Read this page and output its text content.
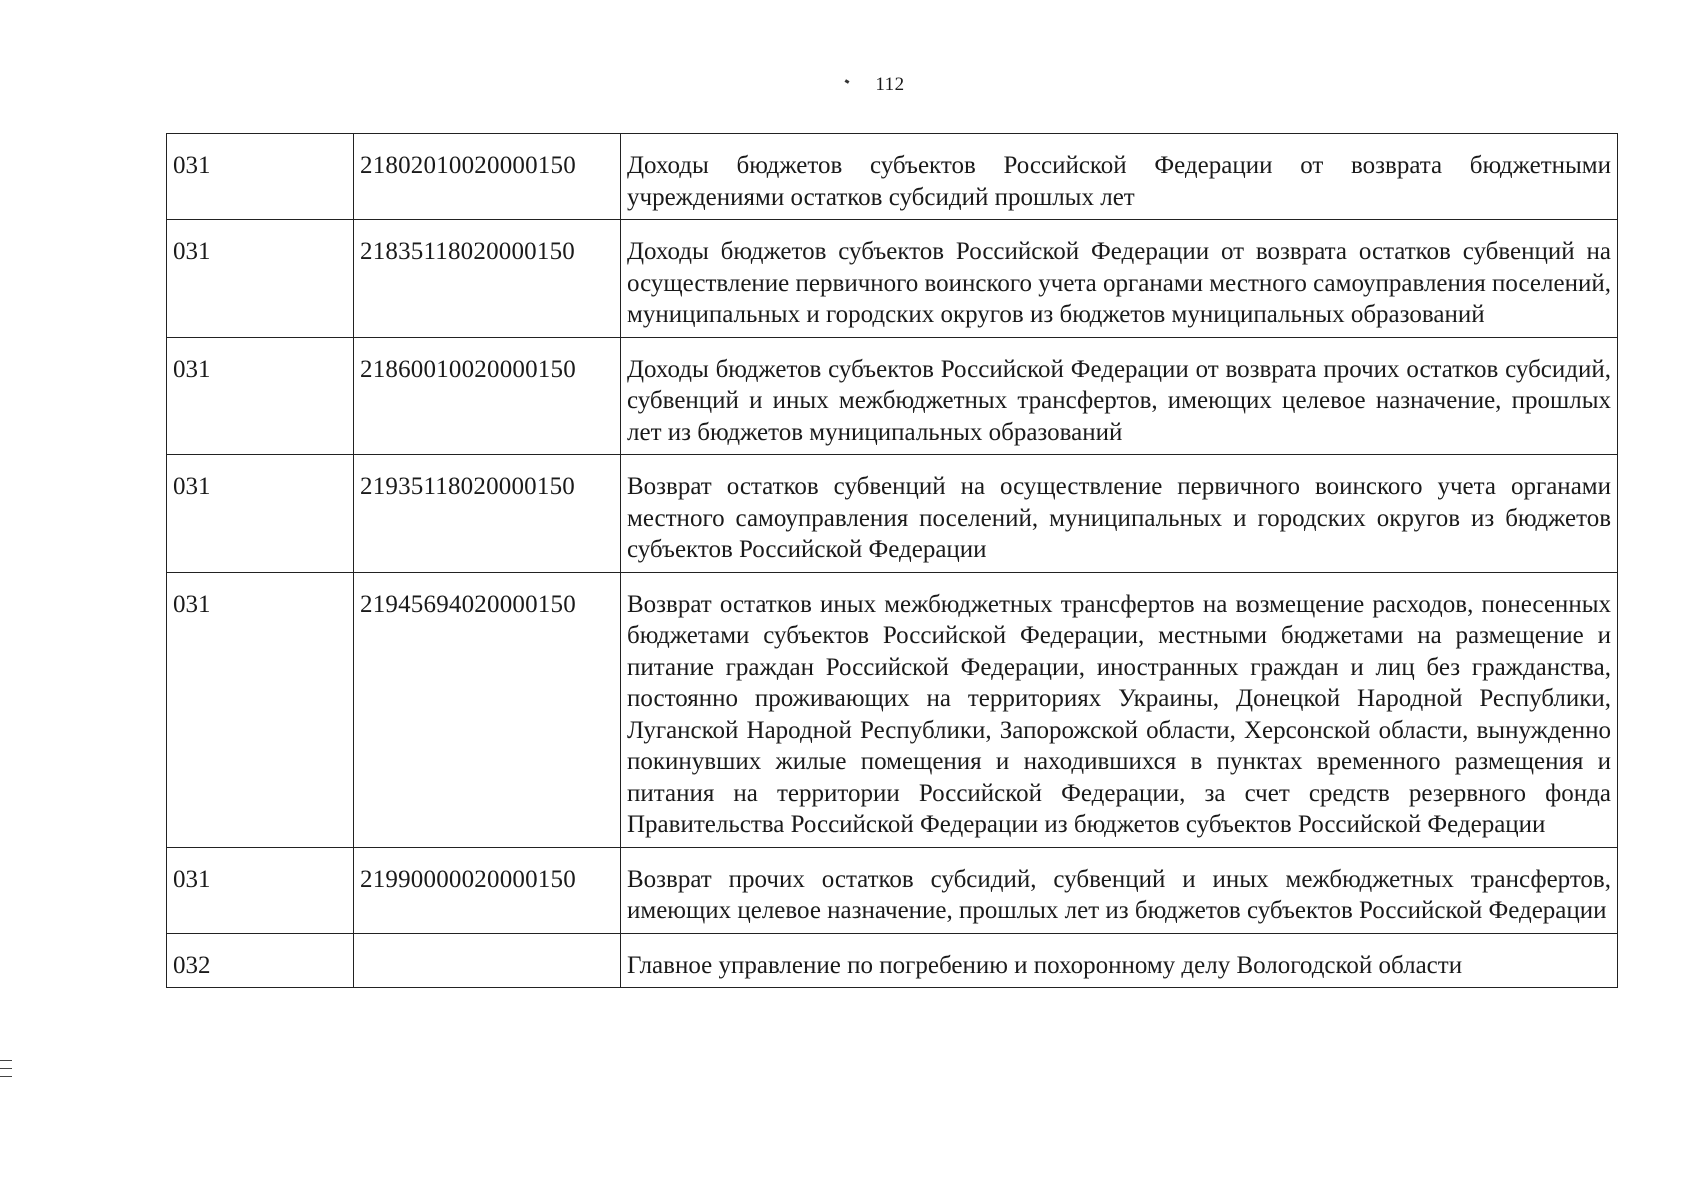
112
031	21802010020000150	Доходы бюджетов субъектов Российской Федерации от возврата бюджетными учреждениями остатков субсидий прошлых лет
031	21835118020000150	Доходы бюджетов субъектов Российской Федерации от возврата остатков субвенций на осуществление первичного воинского учета органами местного самоуправления поселений, муниципальных и городских округов из бюджетов муниципальных образований
031	21860010020000150	Доходы бюджетов субъектов Российской Федерации от возврата прочих остатков субсидий, субвенций и иных межбюджетных трансфертов, имеющих целевое назначение, прошлых лет из бюджетов муниципальных образований
031	21935118020000150	Возврат остатков субвенций на осуществление первичного воинского учета органами местного самоуправления поселений, муниципальных и городских округов из бюджетов субъектов Российской Федерации
031	21945694020000150	Возврат остатков иных межбюджетных трансфертов на возмещение расходов, понесенных бюджетами субъектов Российской Федерации, местными бюджетами на размещение и питание граждан Российской Федерации, иностранных граждан и лиц без гражданства, постоянно проживающих на территориях Украины, Донецкой Народной Республики, Луганской Народной Республики, Запорожской области, Херсонской области, вынужденно покинувших жилые помещения и находившихся в пунктах временного размещения и питания на территории Российской Федерации, за счет средств резервного фонда Правительства Российской Федерации из бюджетов субъектов Российской Федерации
031	21990000020000150	Возврат прочих остатков субсидий, субвенций и иных межбюджетных трансфертов, имеющих целевое назначение, прошлых лет из бюджетов субъектов Российской Федерации
032		Главное управление по погребению и похоронному делу Вологодской области
